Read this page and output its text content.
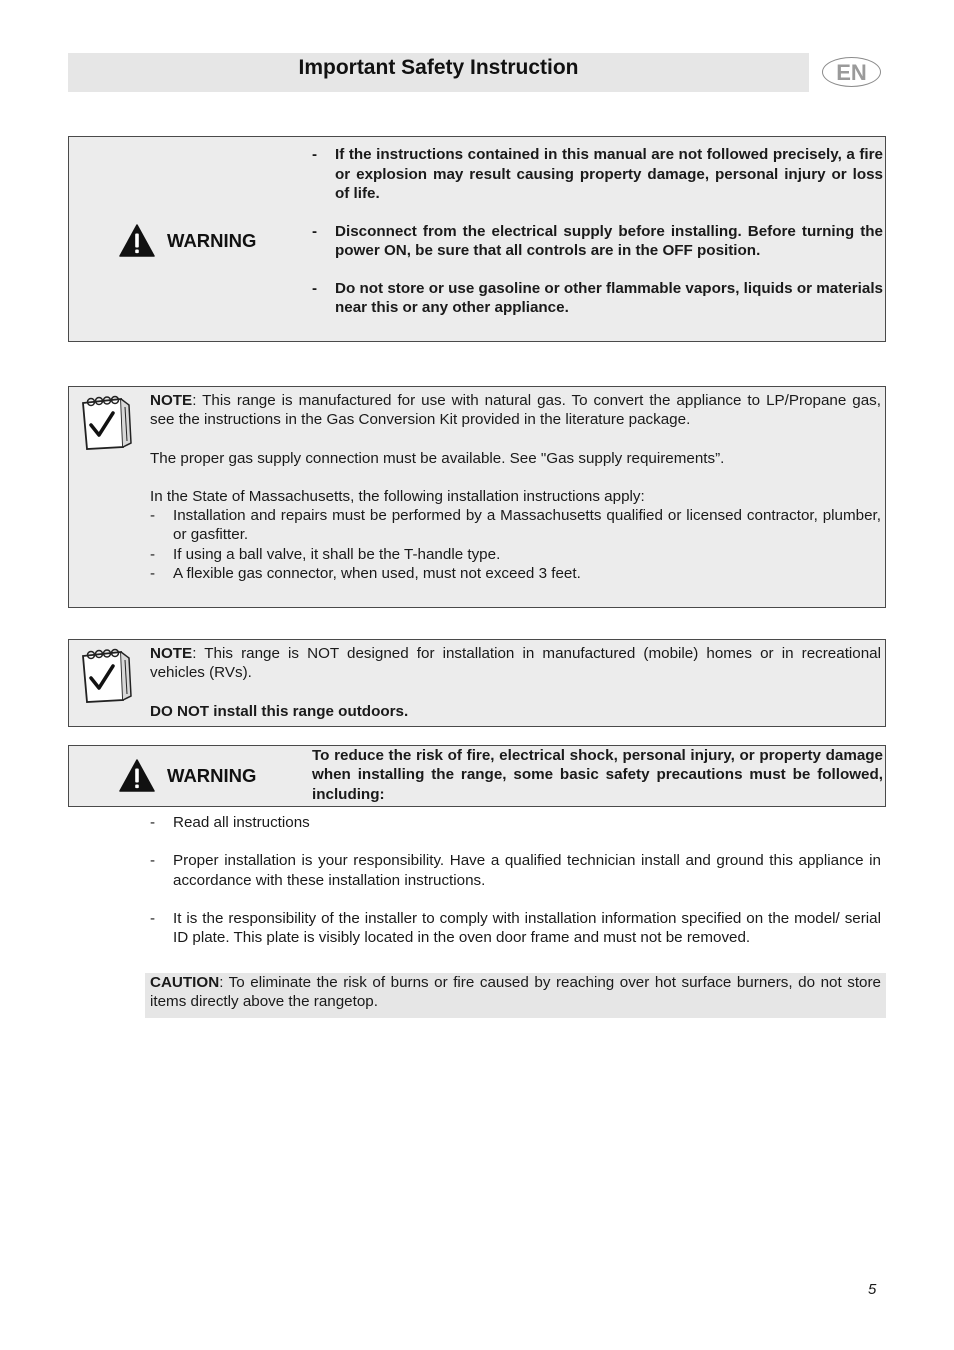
Important Safety Instruction	EN
WARNING
- If the instructions contained in this manual are not followed precisely, a fire or explosion may result causing property damage, personal injury or loss of life.
- Disconnect from the electrical supply before installing. Before turning the power ON, be sure that all controls are in the OFF position.
- Do not store or use gasoline or other flammable vapors, liquids or materials near this or any other appliance.

NOTE: This range is manufactured for use with natural gas. To convert the appliance to LP/Propane gas, see the instructions in the Gas Conversion Kit provided in the literature package.

The proper gas supply connection must be available. See "Gas supply requirements”.

In the State of Massachusetts, the following installation instructions apply:

- Installation and repairs must be performed by a Massachusetts qualified or licensed contractor, plumber, or gasfitter.
- If using a ball valve, it shall be the T-handle type.
- A flexible gas connector, when used, must not exceed 3 feet.

NOTE: This range is NOT designed for installation in manufactured (mobile) homes or in recreational vehicles (RVs).

DO NOT install this range outdoors.

WARNING
To reduce the risk of fire, electrical shock, personal injury, or property damage when installing the range, some basic safety precautions must be followed, including:
- Read all instructions
- Proper installation is your responsibility. Have a qualified technician install and ground this appliance in accordance with these installation instructions.
- It is the responsibility of the installer to comply with installation information specified on the model/ serial ID plate. This plate is visibly located in the oven door frame and must not be removed.
CAUTION: To eliminate the risk of burns or fire caused by reaching over hot surface burners, do not store items directly above the rangetop.
5
